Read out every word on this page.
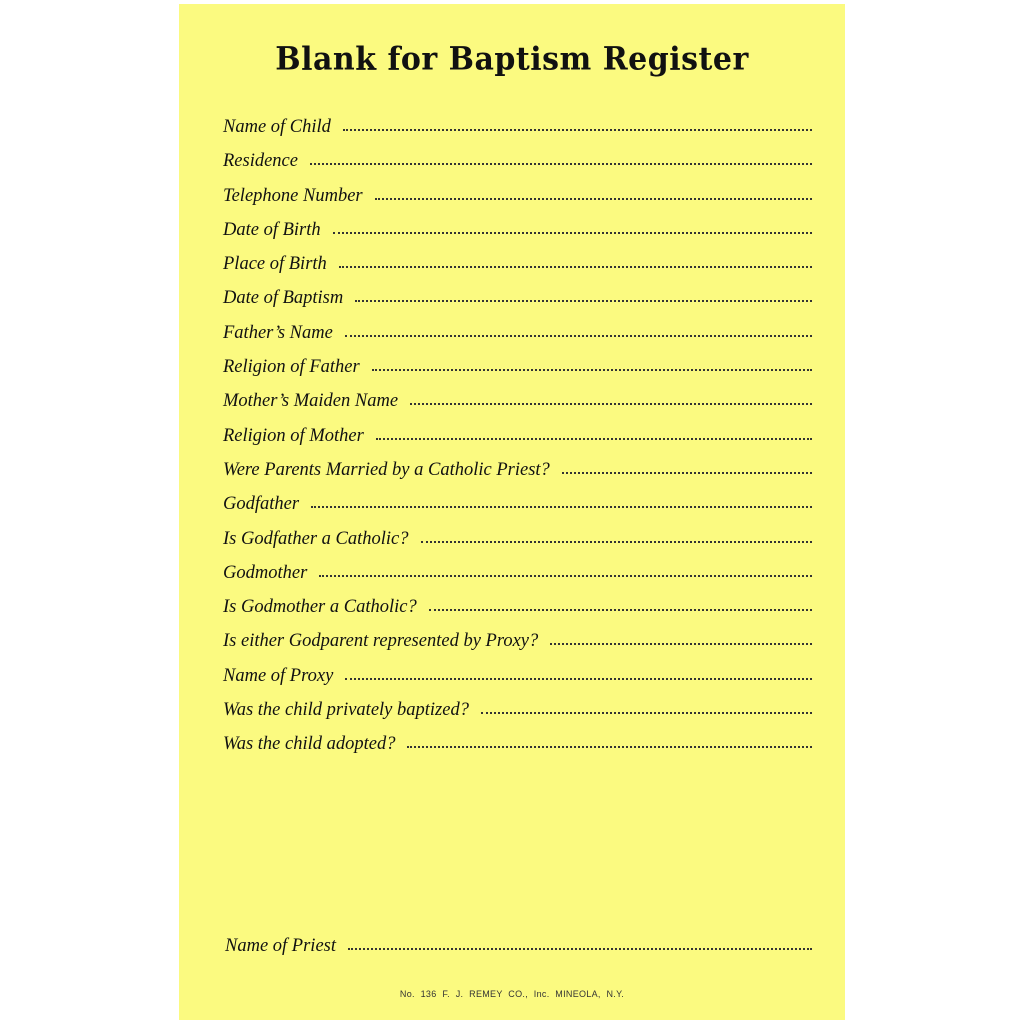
Blank for Baptism Register
Name of Child
Residence
Telephone Number
Date of Birth
Place of Birth
Date of Baptism
Father’s Name
Religion of Father
Mother’s Maiden Name
Religion of Mother
Were Parents Married by a Catholic Priest?
Godfather
Is Godfather a Catholic?
Godmother
Is Godmother a Catholic?
Is either Godparent represented by Proxy?
Name of Proxy
Was the child privately baptized?
Was the child adopted?
Name of Priest
No. 136 F. J. REMEY CO., Inc. MINEOLA, N.Y.
